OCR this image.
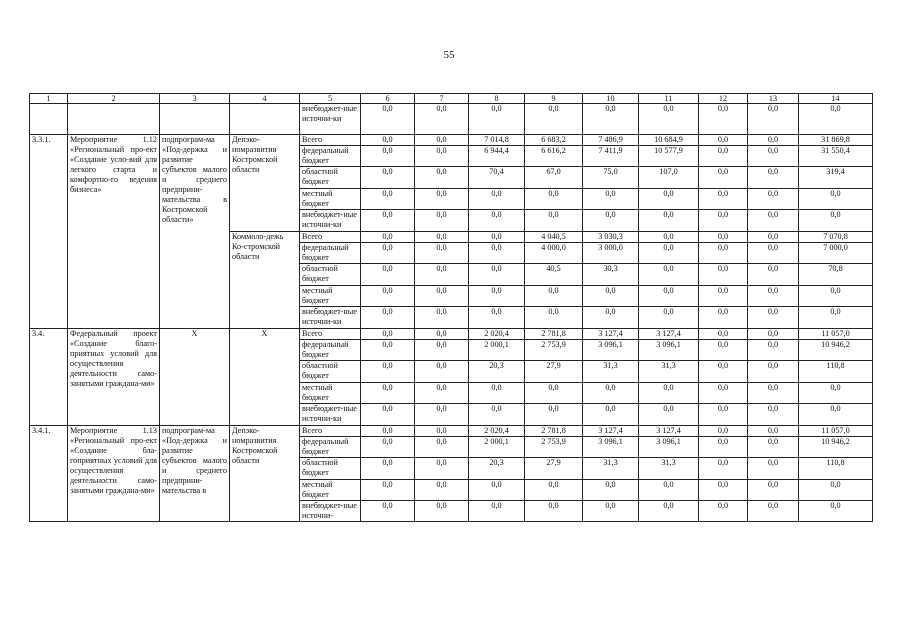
55
1	2	3	4	5	6	7	8	9	10	11	12	13	14
				внебюджет-ные источни-ки	0,0	0,0	0,0	0,0	0,0	0,0	0,0	0,0	0,0
3.3.1.	Мероприятие 1.12 «Региональный про-ект «Создание усло-вий для легкого старта и комфортно-го ведения бизнеса»	подпрограм-ма «Под-держка и развитие субъектов малого и среднего предприни-мательства в Костромской области»	Депэко-номразвития Костромской области	Всего	0,0	0,0	7 014,8	6 683,2	7 486,9	10 684,9	0,0	0,0	31 869,8
				федеральный бюджет	0,0	0,0	6 944,4	6 616,2	7 411,9	10 577,9	0,0	0,0	31 550,4
				областной бюджет	0,0	0,0	70,4	67,0	75,0	107,0	0,0	0,0	319,4
				местный бюджет	0,0	0,0	0,0	0,0	0,0	0,0	0,0	0,0	0,0
				внебюджет-ные источни-ки	0,0	0,0	0,0	0,0	0,0	0,0	0,0	0,0	0,0
			Коммоло-дежь Ко-стромской области	Всего	0,0	0,0	0,0	4 040,5	3 030,3	0,0	0,0	0,0	7 070,8
				федеральный бюджет	0,0	0,0	0,0	4 000,0	3 000,0	0,0	0,0	0,0	7 000,0
				областной бюджет	0,0	0,0	0,0	40,5	30,3	0,0	0,0	0,0	70,8
				местный бюджет	0,0	0,0	0,0	0,0	0,0	0,0	0,0	0,0	0,0
				внебюджет-ные источни-ки	0,0	0,0	0,0	0,0	0,0	0,0	0,0	0,0	0,0
3.4.	Федеральный проект «Создание благо-приятных условий для осуществления деятельности само-занятыми граждана-ми»	Х	Х	Всего	0,0	0,0	2 020,4	2 781,8	3 127,4	3 127,4	0,0	0,0	11 057,0
				федеральный бюджет	0,0	0,0	2 000,1	2 753,9	3 096,1	3 096,1	0,0	0,0	10 946,2
				областной бюджет	0,0	0,0	20,3	27,9	31,3	31,3	0,0	0,0	110,8
				местный бюджет	0,0	0,0	0,0	0,0	0,0	0,0	0,0	0,0	0,0
				внебюджет-ные источни-ки	0,0	0,0	0,0	0,0	0,0	0,0	0,0	0,0	0,0
3.4.1.	Мероприятие 1.13 «Региональный про-ект «Создание бла-гоприятных условий для осуществления деятельности само-занятыми граждана-ми»	подпрограм-ма «Под-держка и развитие субъектов малого и среднего предприни-мательства в	Депэко-номразвития Костромской области	Всего	0,0	0,0	2 020,4	2 781,8	3 127,4	3 127,4	0,0	0,0	11 057,0
				федеральный бюджет	0,0	0,0	2 000,1	2 753,9	3 096,1	3 096,1	0,0	0,0	10 946,2
				областной бюджет	0,0	0,0	20,3	27,9	31,3	31,3	0,0	0,0	110,8
				местный бюджет	0,0	0,0	0,0	0,0	0,0	0,0	0,0	0,0	0,0
				внебюджет-ные источни-	0,0	0,0	0,0	0,0	0,0	0,0	0,0	0,0	0,0
